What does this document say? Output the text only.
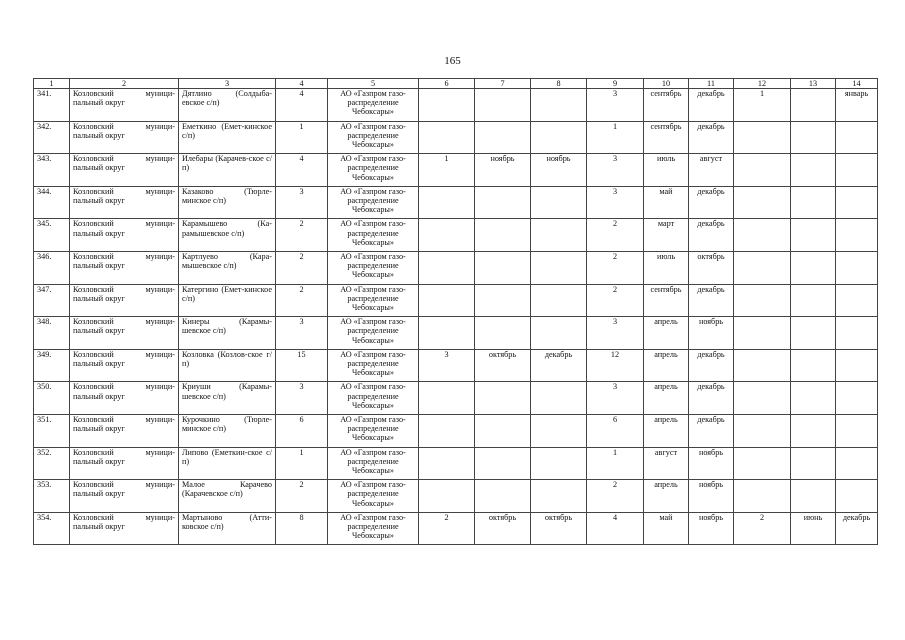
165
1	2	3	4	5	6	7	8	9	10	11	12	13	14
341.	Козловский муници-пальный округ	Дятлино (Солдыба-евское с/п)	4	АО «Газпром газо-распределение Чебоксары»				3	сентябрь	декабрь	1		январь
342.	Козловский муници-пальный округ	Еметкино (Емет-кинское с/п)	1	АО «Газпром газо-распределение Чебоксары»				1	сентябрь	декабрь			
343.	Козловский муници-пальный округ	Илебары (Карачев-ское с/п)	4	АО «Газпром газо-распределение Чебоксары»	1	ноябрь	ноябрь	3	июль	август			
344.	Козловский муници-пальный округ	Казаково (Тюрле-минское с/п)	3	АО «Газпром газо-распределение Чебоксары»				3	май	декабрь			
345.	Козловский муници-пальный округ	Карамышево (Ка-рамышевское с/п)	2	АО «Газпром газо-распределение Чебоксары»				2	март	декабрь			
346.	Козловский муници-пальный округ	Картлуево (Кара-мышевское с/п)	2	АО «Газпром газо-распределение Чебоксары»				2	июль	октябрь			
347.	Козловский муници-пальный округ	Катергино (Емет-кинское с/п)	2	АО «Газпром газо-распределение Чебоксары»				2	сентябрь	декабрь			
348.	Козловский муници-пальный округ	Кинеры (Карамы-шевское с/п)	3	АО «Газпром газо-распределение Чебоксары»				3	апрель	ноябрь			
349.	Козловский муници-пальный округ	Козловка (Козлов-ское г/п)	15	АО «Газпром газо-распределение Чебоксары»	3	октябрь	декабрь	12	апрель	декабрь			
350.	Козловский муници-пальный округ	Криуши (Карамы-шевское с/п)	3	АО «Газпром газо-распределение Чебоксары»				3	апрель	декабрь			
351.	Козловский муници-пальный округ	Курочкино (Тюрле-минское с/п)	6	АО «Газпром газо-распределение Чебоксары»				6	апрель	декабрь			
352.	Козловский муници-пальный округ	Липово (Еметкин-ское с/п)	1	АО «Газпром газо-распределение Чебоксары»				1	август	ноябрь			
353.	Козловский муници-пальный округ	Малое Карачево (Карачевское с/п)	2	АО «Газпром газо-распределение Чебоксары»				2	апрель	ноябрь			
354.	Козловский муници-пальный округ	Мартыново (Атти-ковское с/п)	8	АО «Газпром газо-распределение Чебоксары»	2	октябрь	октябрь	4	май	ноябрь	2	июнь	декабрь
